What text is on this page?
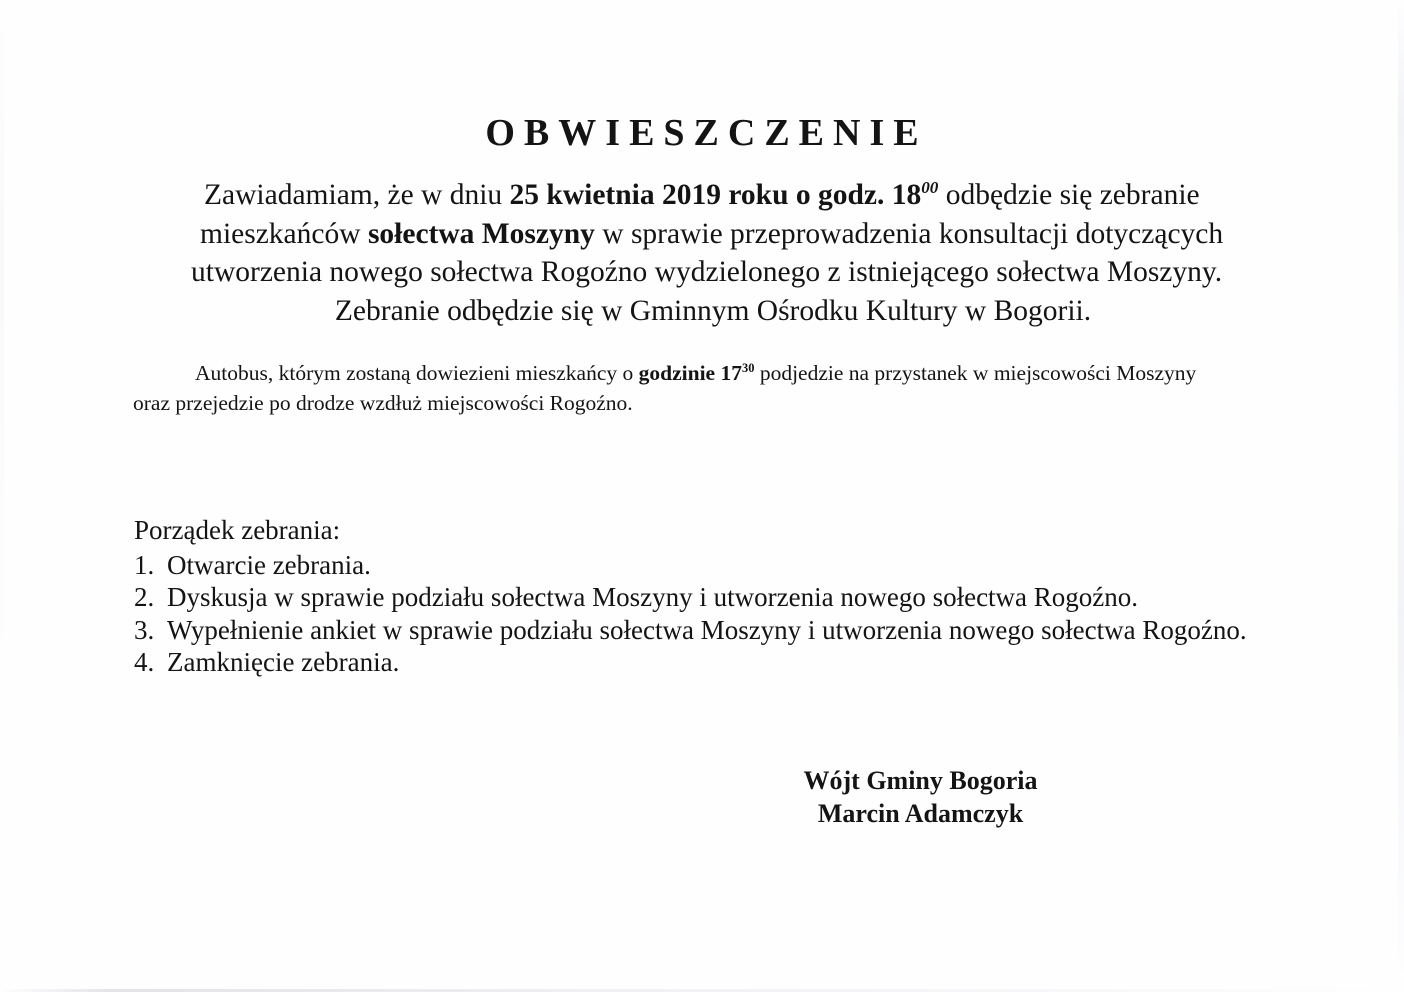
OBWIESZCZENIE
Zawiadamiam, że w dniu 25 kwietnia 2019 roku o godz. $18^{00}$ odbędzie się zebranie
mieszkańców sołectwa Moszyny w sprawie przeprowadzenia konsultacji dotyczących
utworzenia nowego sołectwa Rogoźno wydzielonego z istniejącego sołectwa Moszyny.
Zebranie odbędzie się w Gminnym Ośrodku Kultury w Bogorii.
Autobus, którym zostaną dowiezieni mieszkańcy o godzinie $17^{30}$ podjedzie na przystanek w miejscowości Moszyny
oraz przejedzie po drodze wzdłuż miejscowości Rogoźno.

Porządek zebrania:

1. Otwarcie zebrania.
2. Dyskusja w sprawie podziału sołectwa Moszyny i utworzenia nowego sołectwa Rogoźno.
3. Wypełnienie ankiet w sprawie podziału sołectwa Moszyny i utworzenia nowego sołectwa Rogoźno.
4. Zamknięcie zebrania.
Wójt Gminy Bogoria
Marcin Adamczyk
